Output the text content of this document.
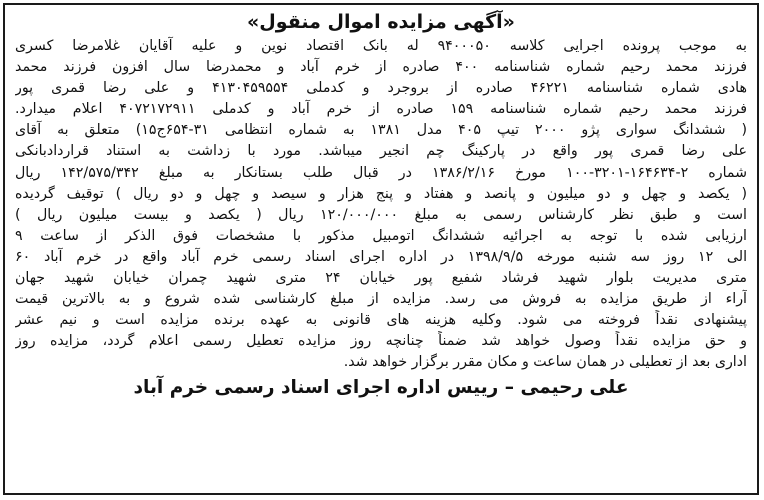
«آگهی مزایده اموال منقول»
به موجب پرونده اجرایی کلاسه ۹۴۰۰۰۵۰ له بانک اقتصاد نوین و علیه آقایان غلامرضا کسری
فرزند محمد رحیم شماره شناسنامه ۴۰۰ صادره از خرم آباد و محمدرضا سال افزون فرزند محمد
هادی شماره شناسنامه ۴۶۲۲۱ صادره از بروجرد و کدملی ۴۱۳۰۴۵۹۵۵۴ و علی رضا قمری پور
فرزند محمد رحیم شماره شناسنامه ۱۵۹ صادره از خرم آباد و کدملی ۴۰۷۲۱۷۲۹۱۱ اعلام میدارد.
( ششدانگ سواری پژو ۲۰۰۰ تیپ ۴۰۵ مدل ۱۳۸۱ به شماره انتظامی ۳۱-۶۵۴ج۱۵) متعلق به آقای
علی رضا قمری پور واقع در پارکینگ چم انجیر میباشد. مورد با زداشت به استناد قراردادبانکی
شماره ۲-۱۶۴۶۳۴-۳۲۰۱-۱۰۰ مورخ ۱۳۸۶/۲/۱۶ در قبال طلب بستانکار به مبلغ ۱۴۲/۵۷۵/۳۴۲ ریال
( یکصد و چهل و دو میلیون و پانصد و هفتاد و پنج هزار و سیصد و چهل و دو ریال ) توقیف گردیده
است و طبق نظر کارشناس رسمی به مبلغ ۱۲۰/۰۰۰/۰۰۰ ریال ( یکصد و بیست میلیون ریال )
ارزیابی شده با توجه به اجرائیه ششدانگ اتومبیل مذکور با مشخصات فوق الذکر از ساعت ۹
الی ۱۲ روز سه شنبه مورخه ۱۳۹۸/۹/۵ در اداره اجرای اسناد رسمی خرم آباد واقع در خرم آباد ۶۰
متری مدیریت بلوار شهید فرشاد شفیع پور خیابان ۲۴ متری شهید چمران خیابان شهید جهان
آراء از طریق مزایده به فروش می رسد. مزایده از مبلغ کارشناسی شده شروع و به بالاترین قیمت
پیشنهادی نقداً فروخته می شود. وکلیه هزینه های قانونی به عهده برنده مزایده است و نیم عشر
و حق مزایده نقداً وصول خواهد شد ضمناً چنانچه روز مزایده تعطیل رسمی اعلام گردد، مزایده روز
اداری بعد از تعطیلی در همان ساعت و مکان مقرر برگزار خواهد شد.
علی رحیمی – رییس اداره اجرای اسناد رسمی خرم آباد
